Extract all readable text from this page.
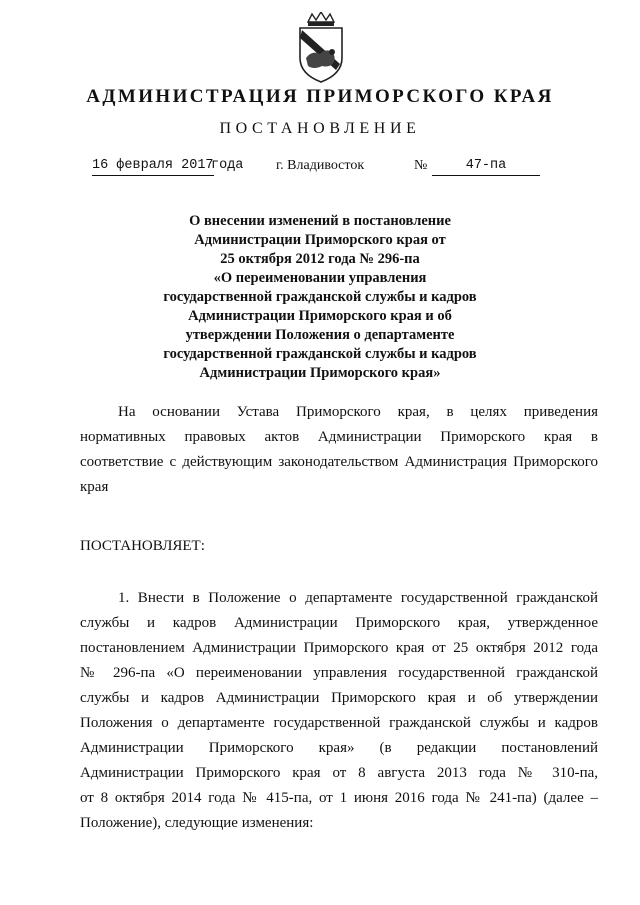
АДМИНИСТРАЦИЯ ПРИМОРСКОГО КРАЯ
ПОСТАНОВЛЕНИЕ
16 февраля 2017
года г. Владивосток	№	47-па
О внесении изменений в постановление
Администрации Приморского края от
25 октября 2012 года № 296-па
«О переименовании управления
государственной гражданской службы и кадров
Администрации Приморского края и об
утверждении Положения о департаменте
государственной гражданской службы и кадров
Администрации Приморского края»
На основании Устава Приморского края, в целях приведения
нормативных правовых актов Администрации Приморского края в
соответствие с действующим законодательством Администрация Приморского
края
ПОСТАНОВЛЯЕТ:
1. Внести в Положение о департаменте государственной гражданской
службы и кадров Администрации Приморского края, утвержденное
постановлением Администрации Приморского края от 25 октября 2012 года
№ 296-па «О переименовании управления государственной гражданской
службы и кадров Администрации Приморского края и об утверждении
Положения о департаменте государственной гражданской службы и кадров
Администрации Приморского края» (в редакции постановлений
Администрации Приморского края от 8 августа 2013 года № 310-па,
от 8 октября 2014 года № 415-па, от 1 июня 2016 года № 241-па) (далее –
Положение), следующие изменения:
